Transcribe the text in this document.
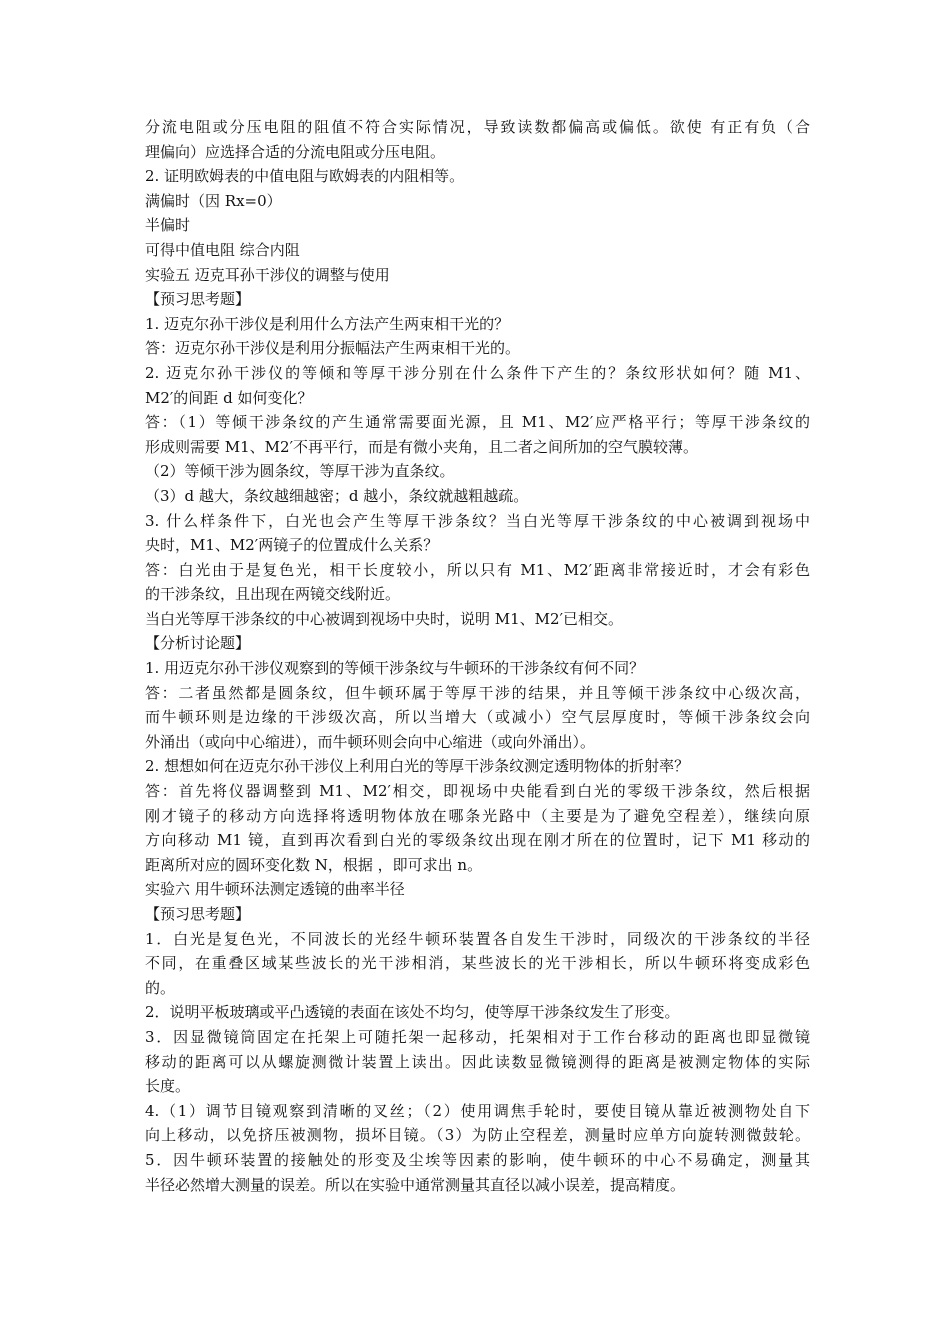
分流电阻或分压电阻的阻值不符合实际情况，导致读数都偏高或偏低。欲使 有正有负（合
理偏向）应选择合适的分流电阻或分压电阻。
2. 证明欧姆表的中值电阻与欧姆表的内阻相等。
满偏时（因 Rx=0）
半偏时
可得中值电阻 综合内阻
实验五 迈克耳孙干涉仪的调整与使用
【预习思考题】
1. 迈克尔孙干涉仪是利用什么方法产生两束相干光的？
答：迈克尔孙干涉仪是利用分振幅法产生两束相干光的。
2. 迈克尔孙干涉仪的等倾和等厚干涉分别在什么条件下产生的？条纹形状如何？随 M1、
M2′的间距 d 如何变化？
答：（1）等倾干涉条纹的产生通常需要面光源，且 M1、M2′应严格平行；等厚干涉条纹的
形成则需要 M1、M2′不再平行，而是有微小夹角，且二者之间所加的空气膜较薄。
（2）等倾干涉为圆条纹，等厚干涉为直条纹。
（3）d 越大，条纹越细越密；d 越小，条纹就越粗越疏。
3. 什么样条件下，白光也会产生等厚干涉条纹？当白光等厚干涉条纹的中心被调到视场中
央时，M1、M2′两镜子的位置成什么关系？
答：白光由于是复色光，相干长度较小，所以只有 M1、M2′距离非常接近时，才会有彩色
的干涉条纹，且出现在两镜交线附近。
当白光等厚干涉条纹的中心被调到视场中央时，说明 M1、M2′已相交。
【分析讨论题】
1. 用迈克尔孙干涉仪观察到的等倾干涉条纹与牛顿环的干涉条纹有何不同？
答：二者虽然都是圆条纹，但牛顿环属于等厚干涉的结果，并且等倾干涉条纹中心级次高，
而牛顿环则是边缘的干涉级次高，所以当增大（或减小）空气层厚度时，等倾干涉条纹会向
外涌出（或向中心缩进），而牛顿环则会向中心缩进（或向外涌出）。
2. 想想如何在迈克尔孙干涉仪上利用白光的等厚干涉条纹测定透明物体的折射率？
答：首先将仪器调整到 M1、M2′相交，即视场中央能看到白光的零级干涉条纹，然后根据
刚才镜子的移动方向选择将透明物体放在哪条光路中（主要是为了避免空程差），继续向原
方向移动 M1 镜，直到再次看到白光的零级条纹出现在刚才所在的位置时，记下 M1 移动的
距离所对应的圆环变化数 N，根据 ，即可求出 n。
实验六 用牛顿环法测定透镜的曲率半径
【预习思考题】
1．白光是复色光，不同波长的光经牛顿环装置各自发生干涉时，同级次的干涉条纹的半径
不同，在重叠区域某些波长的光干涉相消，某些波长的光干涉相长，所以牛顿环将变成彩色
的。
2．说明平板玻璃或平凸透镜的表面在该处不均匀，使等厚干涉条纹发生了形变。
3．因显微镜筒固定在托架上可随托架一起移动，托架相对于工作台移动的距离也即显微镜
移动的距离可以从螺旋测微计装置上读出。因此读数显微镜测得的距离是被测定物体的实际
长度。
4.（1）调节目镜观察到清晰的叉丝；（2）使用调焦手轮时，要使目镜从靠近被测物处自下
向上移动，以免挤压被测物，损坏目镜。（3）为防止空程差，测量时应单方向旋转测微鼓轮。
5．因牛顿环装置的接触处的形变及尘埃等因素的影响，使牛顿环的中心不易确定，测量其
半径必然增大测量的误差。所以在实验中通常测量其直径以减小误差，提高精度。
